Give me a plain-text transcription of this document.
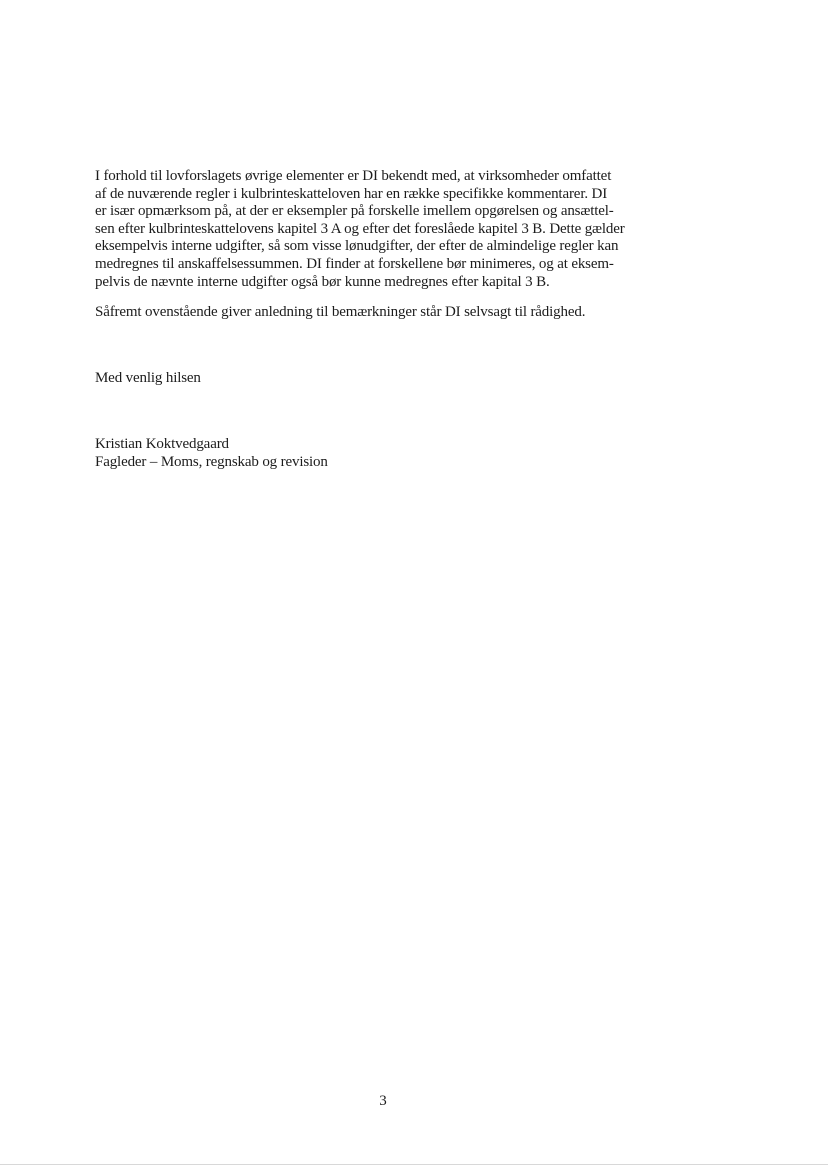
I forhold til lovforslagets øvrige elementer er DI bekendt med, at virksomheder omfattet
af de nuværende regler i kulbrinteskatteloven har en række specifikke kommentarer. DI
er især opmærksom på, at der er eksempler på forskelle imellem opgørelsen og ansættel-
sen efter kulbrinteskattelovens kapitel 3 A og efter det foreslåede kapitel 3 B. Dette gælder
eksempelvis interne udgifter, så som visse lønudgifter, der efter de almindelige regler kan
medregnes til anskaffelsessummen. DI finder at forskellene bør minimeres, og at eksem-
pelvis de nævnte interne udgifter også bør kunne medregnes efter kapital 3 B.
Såfremt ovenstående giver anledning til bemærkninger står DI selvsagt til rådighed.
Med venlig hilsen
Kristian Koktvedgaard
Fagleder – Moms, regnskab og revision
3
